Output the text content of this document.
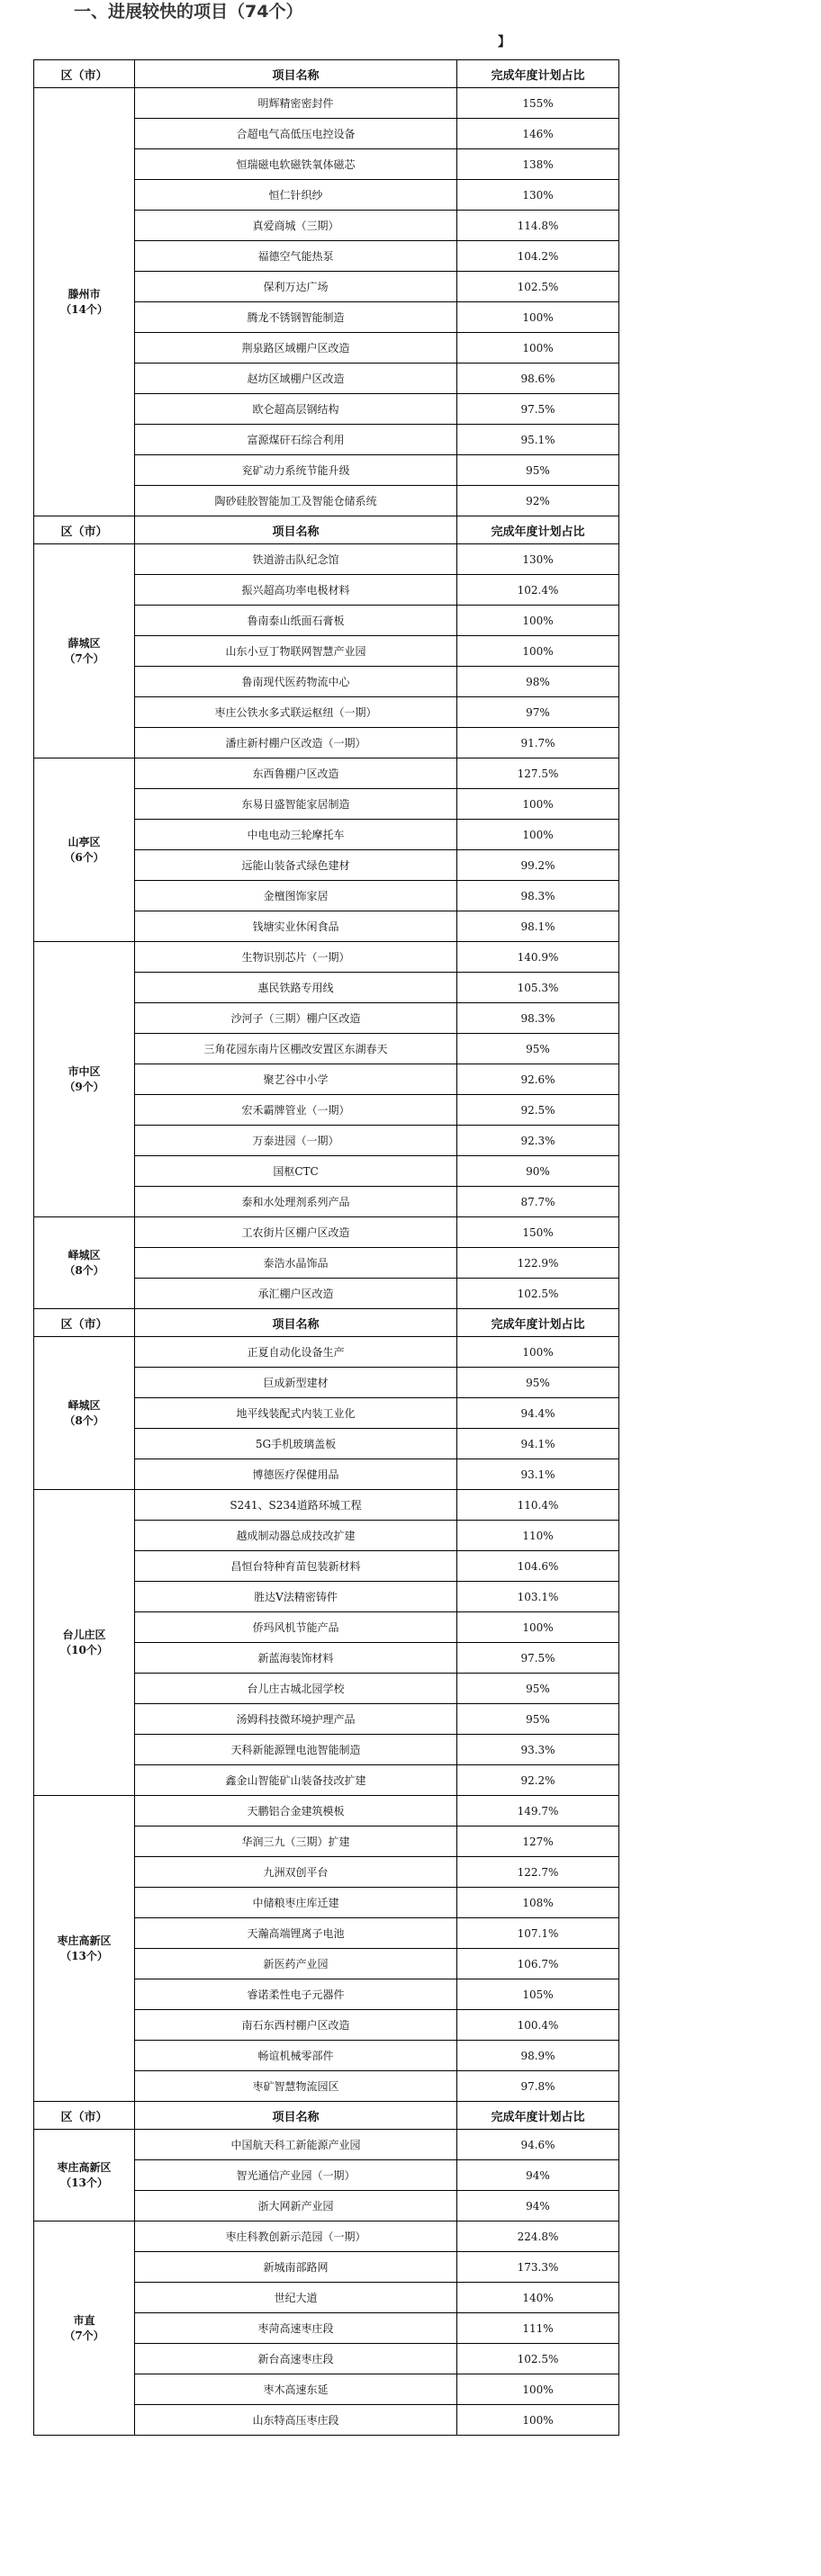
一、进展较快的项目（74个）
】
区（市）	项目名称	完成年度计划占比

滕州市
（14个）	明辉精密密封件	155%
	合超电气高低压电控设备	146%
	恒瑞磁电软磁铁氧体磁芯	138%
	恒仁针织纱	130%
	真爱商城（三期）	114.8%
	福德空气能热泵	104.2%
	保利万达广场	102.5%
	腾龙不锈钢智能制造	100%
	荆泉路区域棚户区改造	100%
	赵坊区域棚户区改造	98.6%
	欧仑超高层钢结构	97.5%
	富源煤矸石综合利用	95.1%
	兖矿动力系统节能升级	95%
	陶砂硅胶智能加工及智能仓储系统	92%
区（市）	项目名称	完成年度计划占比

薛城区
（7个）	铁道游击队纪念馆	130%
	振兴超高功率电极材料	102.4%
	鲁南泰山纸面石膏板	100%
	山东小豆丁物联网智慧产业园	100%
	鲁南现代医药物流中心	98%
	枣庄公铁水多式联运枢纽（一期）	97%
	潘庄新村棚户区改造（一期）	91.7%

山亭区
（6个）	东西鲁棚户区改造	127.5%
	东易日盛智能家居制造	100%
	中电电动三轮摩托车	100%
	远能山装备式绿色建材	99.2%
	金檀图饰家居	98.3%
	钱塘实业休闲食品	98.1%

市中区
（9个）	生物识别芯片（一期）	140.9%
	惠民铁路专用线	105.3%
	沙河子（三期）棚户区改造	98.3%
	三角花园东南片区棚改安置区东湖春天	95%
	聚艺谷中小学	92.6%
	宏禾霸牌管业（一期）	92.5%
	万泰进园（一期）	92.3%
	国枢CTC	90%
	泰和水处理剂系列产品	87.7%

峄城区
（8个）	工农街片区棚户区改造	150%
	泰浩水晶饰品	122.9%
	承汇棚户区改造	102.5%
区（市）	项目名称	完成年度计划占比

峄城区
（8个）	正夏自动化设备生产	100%
	巨成新型建材	95%
	地平线装配式内装工业化	94.4%
	5G手机玻璃盖板	94.1%
	博德医疗保健用品	93.1%

台儿庄区
（10个）	S241、S234道路环城工程	110.4%
	越成制动器总成技改扩建	110%
	昌恒台特种育苗包装新材料	104.6%
	胜达V法精密铸件	103.1%
	侨玛风机节能产品	100%
	新蓝海装饰材料	97.5%
	台儿庄古城北园学校	95%
	汤姆科技微环境护理产品	95%
	天科新能源锂电池智能制造	93.3%
	鑫金山智能矿山装备技改扩建	92.2%

枣庄高新区
（13个）	天鹏铝合金建筑模板	149.7%
	华润三九（三期）扩建	127%
	九洲双创平台	122.7%
	中储粮枣庄库迁建	108%
	天瀚高端锂离子电池	107.1%
	新医药产业园	106.7%
	睿诺柔性电子元器件	105%
	南石东西村棚户区改造	100.4%
	畅谊机械零部件	98.9%
	枣矿智慧物流园区	97.8%
区（市）	项目名称	完成年度计划占比

枣庄高新区
（13个）	中国航天科工新能源产业园	94.6%
	智光通信产业园（一期）	94%
	浙大网新产业园	94%

市直
（7个）	枣庄科教创新示范园（一期）	224.8%
	新城南部路网	173.3%
	世纪大道	140%
	枣菏高速枣庄段	111%
	新台高速枣庄段	102.5%
	枣木高速东延	100%
	山东特高压枣庄段	100%
